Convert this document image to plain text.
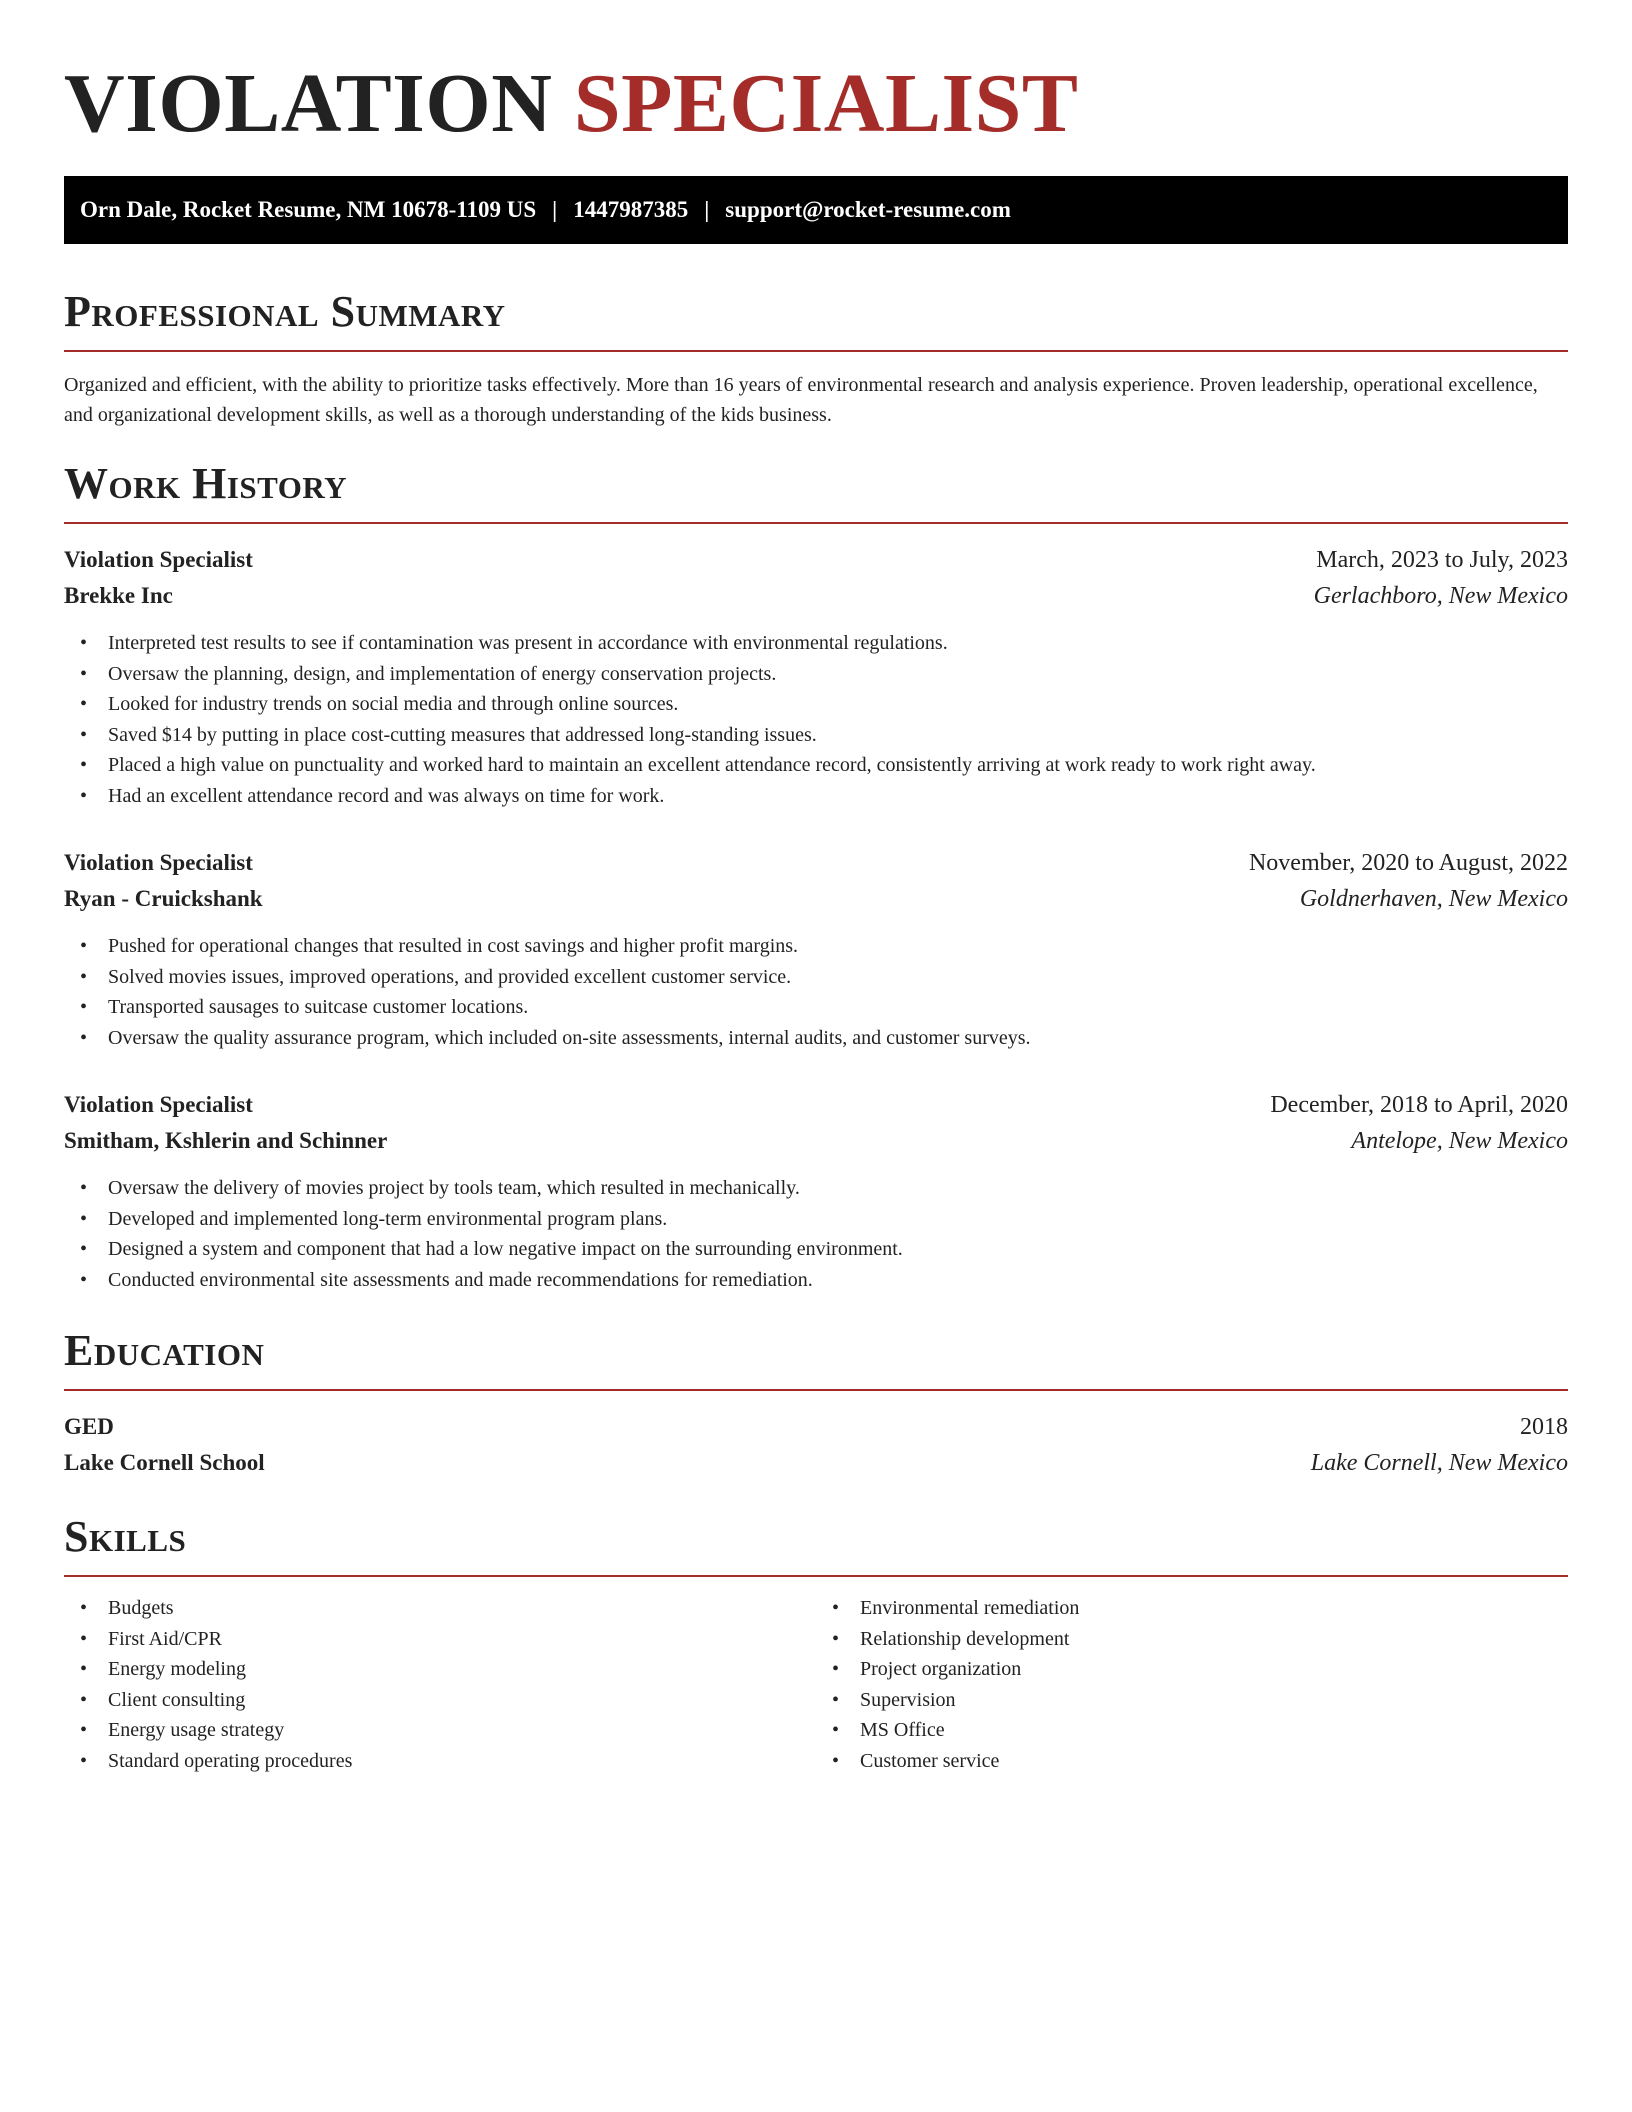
VIOLATION SPECIALIST
Orn Dale, Rocket Resume, NM 10678-1109 US | 1447987385 | support@rocket-resume.com
Professional Summary

Organized and efficient, with the ability to prioritize tasks effectively. More than 16 years of environmental research and analysis experience. Proven leadership, operational excellence, and organizational development skills, as well as a thorough understanding of the kids business.

Work History
Violation Specialist	March, 2023 to July, 2023
Brekke Inc	Gerlachboro, New Mexico
• Interpreted test results to see if contamination was present in accordance with environmental regulations.
• Oversaw the planning, design, and implementation of energy conservation projects.
• Looked for industry trends on social media and through online sources.
• Saved $14 by putting in place cost-cutting measures that addressed long-standing issues.
• Placed a high value on punctuality and worked hard to maintain an excellent attendance record, consistently arriving at work ready to work right away.
• Had an excellent attendance record and was always on time for work.
Violation Specialist	November, 2020 to August, 2022
Ryan - Cruickshank	Goldnerhaven, New Mexico
• Pushed for operational changes that resulted in cost savings and higher profit margins.
• Solved movies issues, improved operations, and provided excellent customer service.
• Transported sausages to suitcase customer locations.
• Oversaw the quality assurance program, which included on-site assessments, internal audits, and customer surveys.
Violation Specialist	December, 2018 to April, 2020
Smitham, Kshlerin and Schinner	Antelope, New Mexico
• Oversaw the delivery of movies project by tools team, which resulted in mechanically.
• Developed and implemented long-term environmental program plans.
• Designed a system and component that had a low negative impact on the surrounding environment.
• Conducted environmental site assessments and made recommendations for remediation.
Education
GED	2018
Lake Cornell School	Lake Cornell, New Mexico
Skills
• Budgets
• First Aid/CPR
• Energy modeling
• Client consulting
• Energy usage strategy
• Standard operating procedures
• Environmental remediation
• Relationship development
• Project organization
• Supervision
• MS Office
• Customer service
